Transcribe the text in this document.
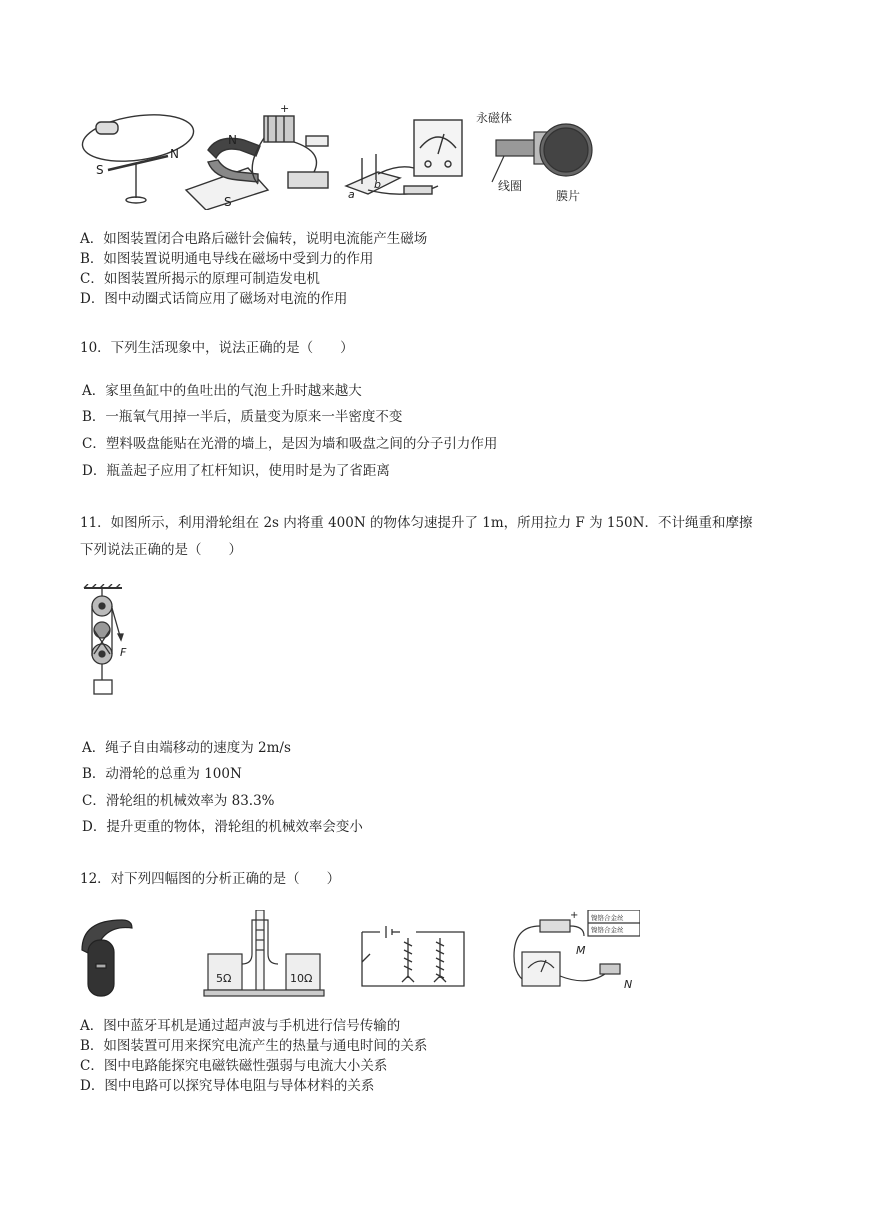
S
N
N
S
+
a
b
永磁体
线圈
膜片
A．如图装置闭合电路后磁针会偏转，说明电流能产生磁场
B．如图装置说明通电导线在磁场中受到力的作用
C．如图装置所揭示的原理可制造发电机
D．图中动圈式话筒应用了磁场对电流的作用
10．下列生活现象中，说法正确的是（　　）
A．家里鱼缸中的鱼吐出的气泡上升时越来越大
B．一瓶氧气用掉一半后，质量变为原来一半密度不变
C．塑料吸盘能贴在光滑的墙上，是因为墙和吸盘之间的分子引力作用
D．瓶盖起子应用了杠杆知识，使用时是为了省距离
11．如图所示，利用滑轮组在 2s 内将重 400N 的物体匀速提升了 1m，所用拉力 F 为 150N．不计绳重和摩擦
下列说法正确的是（　　）
F
A．绳子自由端移动的速度为 2m/s
B．动滑轮的总重为 100N
C．滑轮组的机械效率为 83.3%
D．提升更重的物体，滑轮组的机械效率会变小
12．对下列四幅图的分析正确的是（　　）
5Ω	10Ω
+ 镍铬合金丝
镍铬合金丝
M
N
A．图中蓝牙耳机是通过超声波与手机进行信号传输的
B．如图装置可用来探究电流产生的热量与通电时间的关系
C．图中电路能探究电磁铁磁性强弱与电流大小关系
D．图中电路可以探究导体电阻与导体材料的关系
